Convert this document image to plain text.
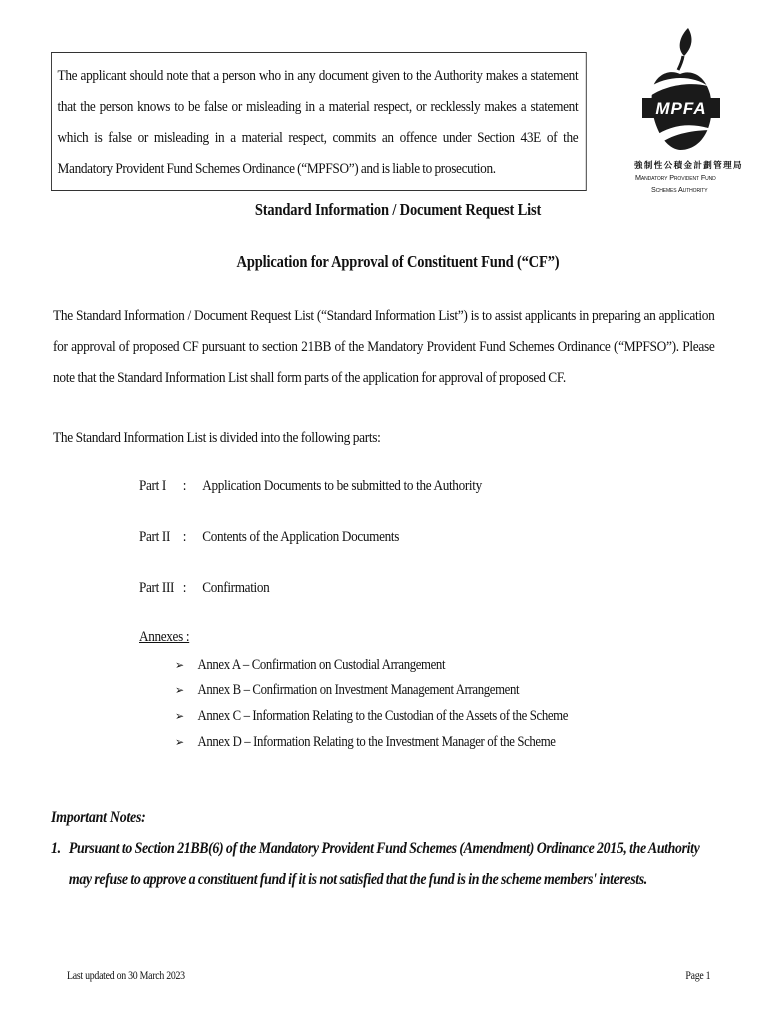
The applicant should note that a person who in any document given to the Authority makes a statement that the person knows to be false or misleading in a material respect, or recklessly makes a statement which is false or misleading in a material respect, commits an offence under Section 43E of the Mandatory Provident Fund Schemes Ordinance (“MPFSO”) and is liable to prosecution.
MPFA
強制性公積金計劃管理局
Mandatory Provident Fund
Schemes Authority
Standard Information / Document Request List
Application for Approval of Constituent Fund (“CF”)
The Standard Information / Document Request List (“Standard Information List”) is to assist applicants in preparing an application for approval of proposed CF pursuant to section 21BB of the Mandatory Provident Fund Schemes Ordinance (“MPFSO”). Please note that the Standard Information List shall form parts of the application for approval of proposed CF.
The Standard Information List is divided into the following parts:
Part I : Application Documents to be submitted to the Authority
Part II : Contents of the Application Documents
Part III : Confirmation
Annexes :
➢ Annex A – Confirmation on Custodial Arrangement
➢ Annex B – Confirmation on Investment Management Arrangement
➢ Annex C – Information Relating to the Custodian of the Assets of the Scheme
➢ Annex D – Information Relating to the Investment Manager of the Scheme
Important Notes:
1. Pursuant to Section 21BB(6) of the Mandatory Provident Fund Schemes (Amendment) Ordinance 2015, the Authority may refuse to approve a constituent fund if it is not satisfied that the fund is in the scheme members' interests.
Last updated on 30 March 2023	Page 1
